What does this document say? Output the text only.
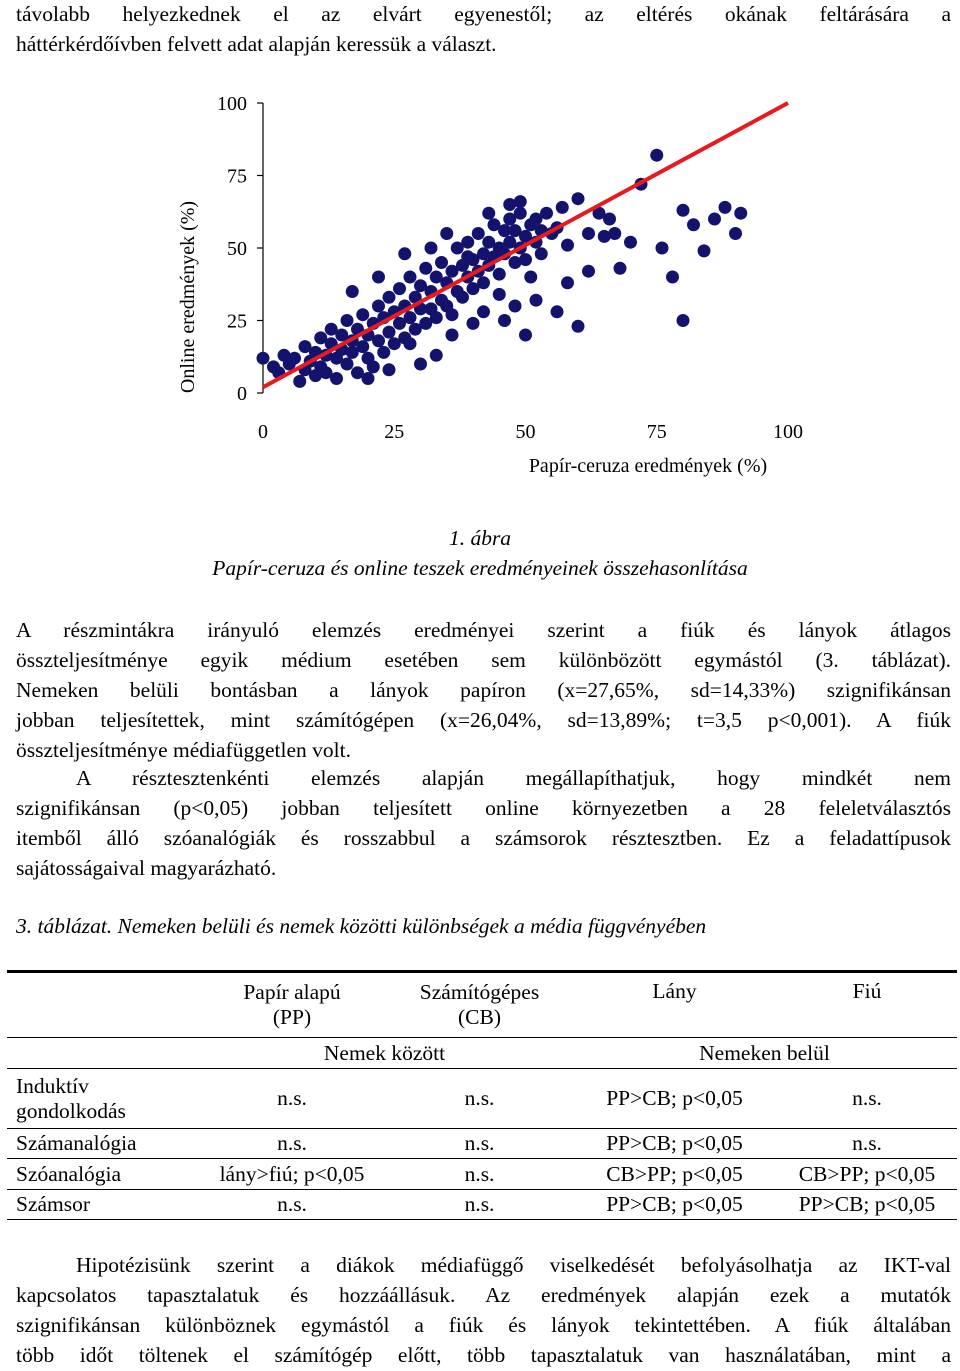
távolabb helyezkednek el az elvárt egyenestől; az eltérés okának feltárására a
háttérkérdőívben felvett adat alapján keressük a választ.
Online eredmények (%)
Papír-ceruza eredmények (%)
0
25
50
75
100
0	25	50	75	100
1. ábra
Papír-ceruza és online teszek eredményeinek összehasonlítása
A részmintákra irányuló elemzés eredményei szerint a fiúk és lányok átlagos
összteljesítménye egyik médium esetében sem különbözött egymástól (3. táblázat).
Nemeken belüli bontásban a lányok papíron (x=27,65%, sd=14,33%) szignifikánsan
jobban teljesítettek, mint számítógépen (x=26,04%, sd=13,89%; t=3,5 p<0,001). A fiúk
összteljesítménye médiafüggetlen volt.
A résztesztenkénti elemzés alapján megállapíthatjuk, hogy mindkét nem
szignifikánsan (p<0,05) jobban teljesített online környezetben a 28 feleletválasztós
itemből álló szóanalógiák és rosszabbul a számsorok résztesztben. Ez a feladattípusok
sajátosságaival magyarázható.
3. táblázat. Nemeken belüli és nemek közötti különbségek a média függvényében
	Papír alapú
(PP)	Számítógépes
(CB)	Lány	Fiú
	Nemek között		Nemeken belül	
Induktív
gondolkodás	n.s.	n.s.	PP>CB; p<0,05	n.s.
Számanalógia	n.s.	n.s.	PP>CB; p<0,05	n.s.
Szóanalógia	lány>fiú; p<0,05	n.s.	CB>PP; p<0,05	CB>PP; p<0,05
Számsor	n.s.	n.s.	PP>CB; p<0,05	PP>CB; p<0,05
Hipotézisünk szerint a diákok médiafüggő viselkedését befolyásolhatja az IKT-val
kapcsolatos tapasztalatuk és hozzáállásuk. Az eredmények alapján ezek a mutatók
szignifikánsan különböznek egymástól a fiúk és lányok tekintettében. A fiúk általában
több időt töltenek el számítógép előtt, több tapasztalatuk van használatában, mint a
